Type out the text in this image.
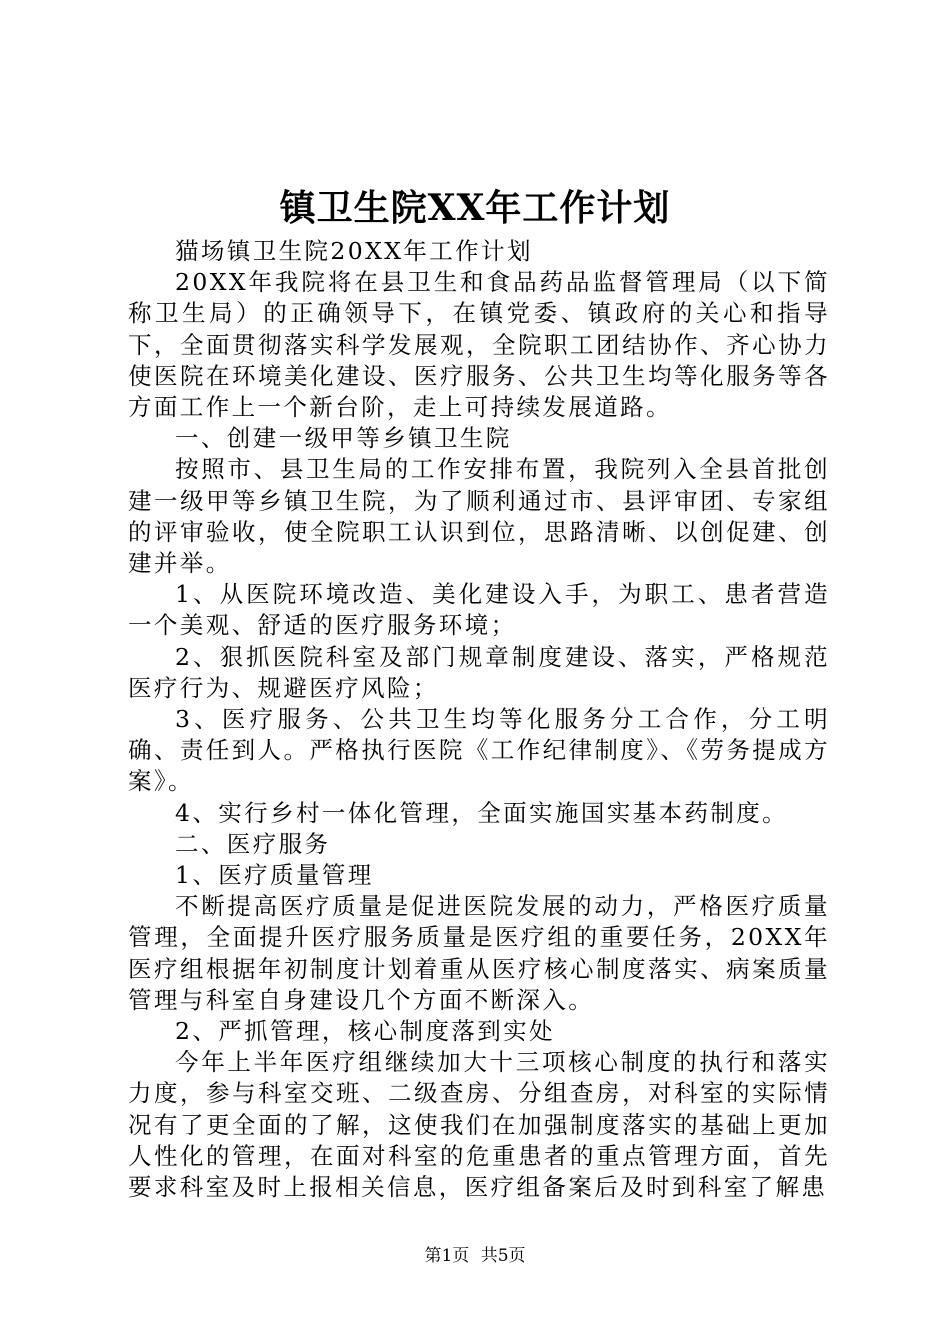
镇卫生院XX年工作计划

猫场镇卫生院20XX年工作计划

20XX年我院将在县卫生和食品药品监督管理局（以下简称卫生局）的正确领导下，在镇党委、镇政府的关心和指导下，全面贯彻落实科学发展观，全院职工团结协作、齐心协力使医院在环境美化建设、医疗服务、公共卫生均等化服务等各方面工作上一个新台阶，走上可持续发展道路。

一、创建一级甲等乡镇卫生院

按照市、县卫生局的工作安排布置，我院列入全县首批创建一级甲等乡镇卫生院，为了顺利通过市、县评审团、专家组的评审验收，使全院职工认识到位，思路清晰、以创促建、创建并举。

1、从医院环境改造、美化建设入手，为职工、患者营造一个美观、舒适的医疗服务环境；

2、狠抓医院科室及部门规章制度建设、落实，严格规范医疗行为、规避医疗风险；

3、医疗服务、公共卫生均等化服务分工合作，分工明确、责任到人。严格执行医院《工作纪律制度》、《劳务提成方案》。

4、实行乡村一体化管理，全面实施国实基本药制度。

二、医疗服务

1、医疗质量管理

不断提高医疗质量是促进医院发展的动力，严格医疗质量管理，全面提升医疗服务质量是医疗组的重要任务，20XX年医疗组根据年初制度计划着重从医疗核心制度落实、病案质量管理与科室自身建设几个方面不断深入。

2、严抓管理，核心制度落到实处

今年上半年医疗组继续加大十三项核心制度的执行和落实力度，参与科室交班、二级查房、分组查房，对科室的实际情况有了更全面的了解，这使我们在加强制度落实的基础上更加人性化的管理，在面对科室的危重患者的重点管理方面，首先要求科室及时上报相关信息，医疗组备案后及时到科室了解患

第1页 共5页
